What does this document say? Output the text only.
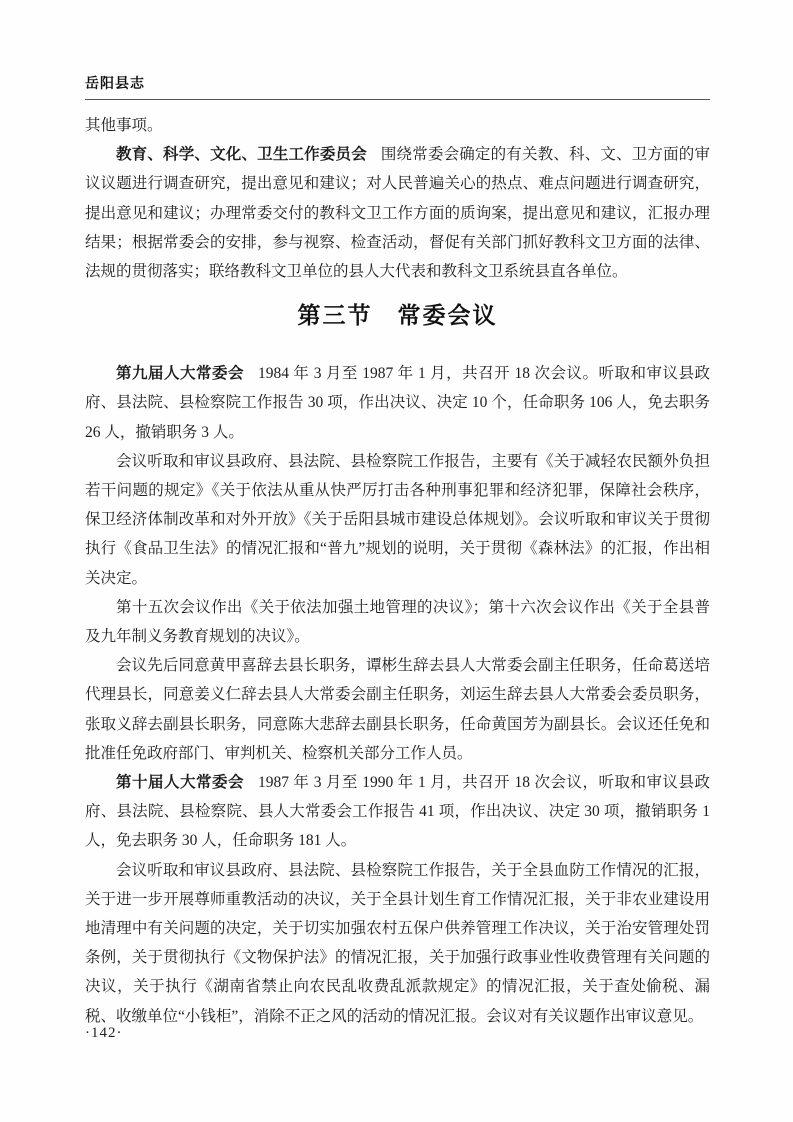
岳阳县志

其他事项。

教育、科学、文化、卫生工作委员会 围绕常委会确定的有关教、科、文、卫方面的审议议题进行调查研究，提出意见和建议；对人民普遍关心的热点、难点问题进行调查研究，提出意见和建议；办理常委交付的教科文卫工作方面的质询案，提出意见和建议，汇报办理结果；根据常委会的安排，参与视察、检查活动，督促有关部门抓好教科文卫方面的法律、法规的贯彻落实；联络教科文卫单位的县人大代表和教科文卫系统县直各单位。

第三节　常委会议

第九届人大常委会 1984 年 3 月至 1987 年 1 月，共召开 18 次会议。听取和审议县政府、县法院、县检察院工作报告 30 项，作出决议、决定 10 个，任命职务 106 人，免去职务 26 人，撤销职务 3 人。

会议听取和审议县政府、县法院、县检察院工作报告，主要有《关于减轻农民额外负担若干问题的规定》《关于依法从重从快严厉打击各种刑事犯罪和经济犯罪，保障社会秩序，保卫经济体制改革和对外开放》《关于岳阳县城市建设总体规划》。会议听取和审议关于贯彻执行《食品卫生法》的情况汇报和“普九”规划的说明，关于贯彻《森林法》的汇报，作出相关决定。

第十五次会议作出《关于依法加强土地管理的决议》；第十六次会议作出《关于全县普及九年制义务教育规划的决议》。

会议先后同意黄甲喜辞去县长职务，谭彬生辞去县人大常委会副主任职务，任命葛送培代理县长，同意姜义仁辞去县人大常委会副主任职务，刘运生辞去县人大常委会委员职务，张取义辞去副县长职务，同意陈大悲辞去副县长职务，任命黄国芳为副县长。会议还任免和批准任免政府部门、审判机关、检察机关部分工作人员。

第十届人大常委会 1987 年 3 月至 1990 年 1 月，共召开 18 次会议，听取和审议县政府、县法院、县检察院、县人大常委会工作报告 41 项，作出决议、决定 30 项，撤销职务 1 人，免去职务 30 人，任命职务 181 人。

会议听取和审议县政府、县法院、县检察院工作报告，关于全县血防工作情况的汇报，关于进一步开展尊师重教活动的决议，关于全县计划生育工作情况汇报，关于非农业建设用地清理中有关问题的决定，关于切实加强农村五保户供养管理工作决议，关于治安管理处罚条例，关于贯彻执行《文物保护法》的情况汇报，关于加强行政事业性收费管理有关问题的决议，关于执行《湖南省禁止向农民乱收费乱派款规定》的情况汇报，关于查处偷税、漏税、收缴单位“小钱柜”，消除不正之风的活动的情况汇报。会议对有关议题作出审议意见。

·142·
